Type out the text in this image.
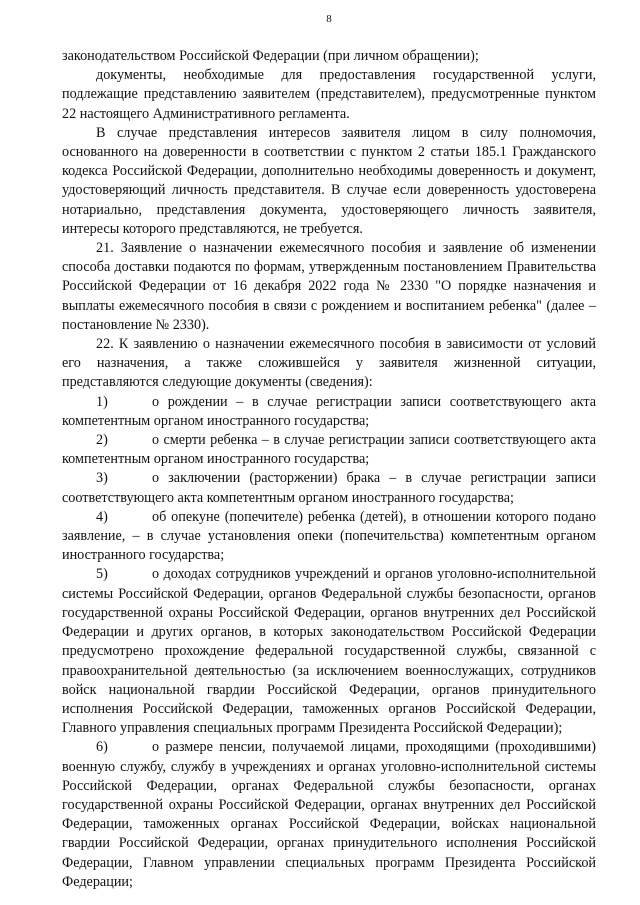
8

законодательством Российской Федерации (при личном обращении);

документы, необходимые для предоставления государственной услуги, подлежащие представлению заявителем (представителем), предусмотренные пунктом 22 настоящего Административного регламента.

В случае представления интересов заявителя лицом в силу полномочия, основанного на доверенности в соответствии с пунктом 2 статьи 185.1 Гражданского кодекса Российской Федерации, дополнительно необходимы доверенность и документ, удостоверяющий личность представителя. В случае если доверенность удостоверена нотариально, представления документа, удостоверяющего личность заявителя, интересы которого представляются, не требуется.

21. Заявление о назначении ежемесячного пособия и заявление об изменении способа доставки подаются по формам, утвержденным постановлением Правительства Российской Федерации от 16 декабря 2022 года № 2330 "О порядке назначения и выплаты ежемесячного пособия в связи с рождением и воспитанием ребенка" (далее – постановление № 2330).

22. К заявлению о назначении ежемесячного пособия в зависимости от условий его назначения, а также сложившейся у заявителя жизненной ситуации, представляются следующие документы (сведения):

1)	о рождении – в случае регистрации записи соответствующего акта компетентным органом иностранного государства;

2)	о смерти ребенка – в случае регистрации записи соответствующего акта компетентным органом иностранного государства;

3)	о заключении (расторжении) брака – в случае регистрации записи соответствующего акта компетентным органом иностранного государства;

4)	об опекуне (попечителе) ребенка (детей), в отношении которого подано заявление, – в случае установления опеки (попечительства) компетентным органом иностранного государства;

5)	о доходах сотрудников учреждений и органов уголовно-исполнительной системы Российской Федерации, органов Федеральной службы безопасности, органов государственной охраны Российской Федерации, органов внутренних дел Российской Федерации и других органов, в которых законодательством Российской Федерации предусмотрено прохождение федеральной государственной службы, связанной с правоохранительной деятельностью (за исключением военнослужащих, сотрудников войск национальной гвардии Российской Федерации, органов принудительного исполнения Российской Федерации, таможенных органов Российской Федерации, Главного управления специальных программ Президента Российской Федерации);

6)	о размере пенсии, получаемой лицами, проходящими (проходившими) военную службу, службу в учреждениях и органах уголовно-исполнительной системы Российской Федерации, органах Федеральной службы безопасности, органах государственной охраны Российской Федерации, органах внутренних дел Российской Федерации, таможенных органах Российской Федерации, войсках национальной гвардии Российской Федерации, органах принудительного исполнения Российской Федерации, Главном управлении специальных программ Президента Российской Федерации;
